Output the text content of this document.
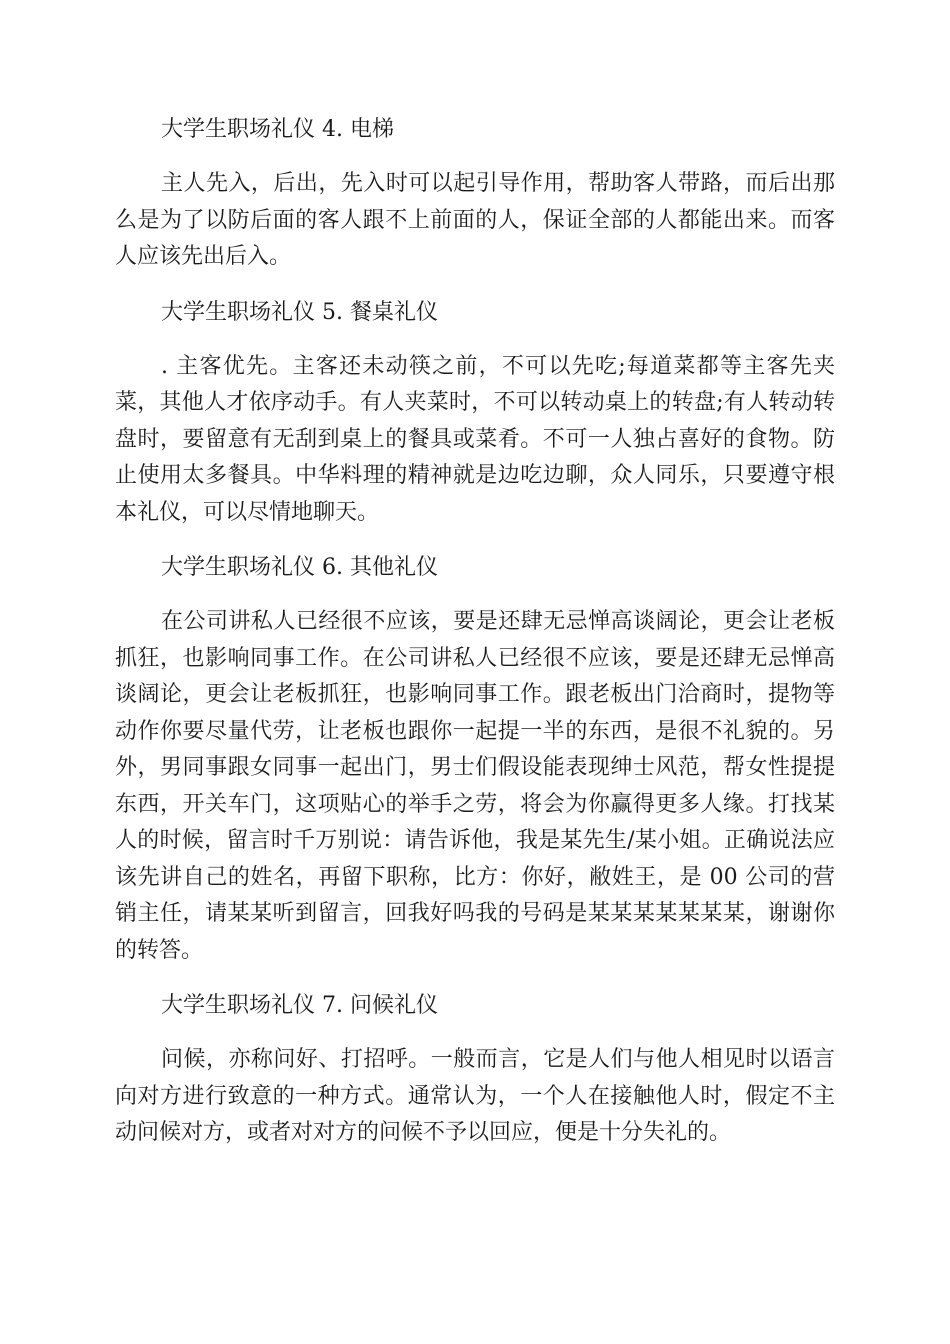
大学生职场礼仪 4. 电梯

主人先入，后出，先入时可以起引导作用，帮助客人带路，而后出那么是为了以防后面的客人跟不上前面的人，保证全部的人都能出来。而客人应该先出后入。

大学生职场礼仪 5. 餐桌礼仪

. 主客优先。主客还未动筷之前，不可以先吃;每道菜都等主客先夹菜，其他人才依序动手。有人夹菜时，不可以转动桌上的转盘;有人转动转盘时，要留意有无刮到桌上的餐具或菜肴。不可一人独占喜好的食物。防止使用太多餐具。中华料理的精神就是边吃边聊，众人同乐，只要遵守根本礼仪，可以尽情地聊天。

大学生职场礼仪 6. 其他礼仪

在公司讲私人已经很不应该，要是还肆无忌惮高谈阔论，更会让老板抓狂，也影响同事工作。在公司讲私人已经很不应该，要是还肆无忌惮高谈阔论，更会让老板抓狂，也影响同事工作。跟老板出门洽商时，提物等动作你要尽量代劳，让老板也跟你一起提一半的东西，是很不礼貌的。另外，男同事跟女同事一起出门，男士们假设能表现绅士风范，帮女性提提东西，开关车门，这项贴心的举手之劳，将会为你赢得更多人缘。打找某人的时候，留言时千万别说：请告诉他，我是某先生/某小姐。正确说法应该先讲自己的姓名，再留下职称，比方：你好，敝姓王，是 00 公司的营销主任，请某某听到留言，回我好吗我的号码是某某某某某某某，谢谢你的转答。

大学生职场礼仪 7. 问候礼仪

问候，亦称问好、打招呼。一般而言，它是人们与他人相见时以语言向对方进行致意的一种方式。通常认为，一个人在接触他人时，假定不主动问候对方，或者对对方的问候不予以回应，便是十分失礼的。
